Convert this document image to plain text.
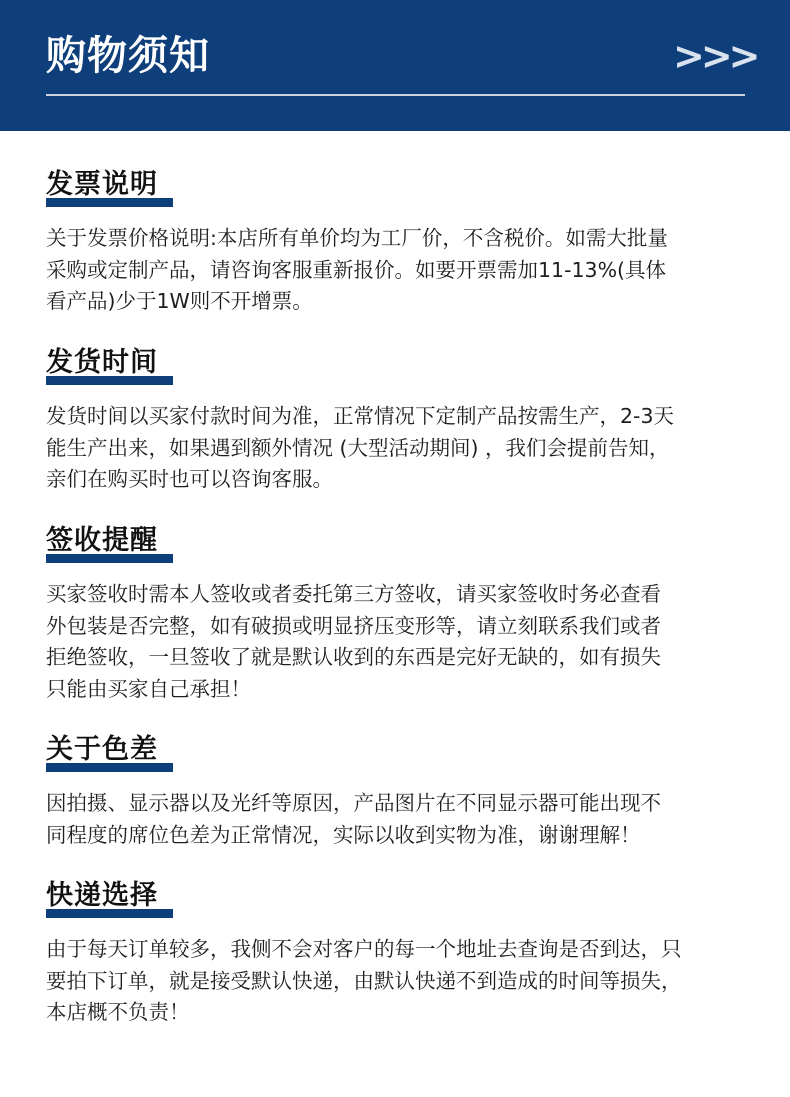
购物须知	>>>
发票说明
关于发票价格说明:本店所有单价均为工厂价，不含税价。如需大批量
采购或定制产品，请咨询客服重新报价。如要开票需加11-13%(具体
看产品)少于1W则不开增票。
发货时间
发货时间以买家付款时间为准，正常情况下定制产品按需生产，2-3天
能生产出来，如果遇到额外情况 (大型活动期间) ，我们会提前告知，
亲们在购买时也可以咨询客服。
签收提醒
买家签收时需本人签收或者委托第三方签收，请买家签收时务必查看
外包装是否完整，如有破损或明显挤压变形等，请立刻联系我们或者
拒绝签收，一旦签收了就是默认收到的东西是完好无缺的，如有损失
只能由买家自己承担！
关于色差
因拍摄、显示器以及光纤等原因，产品图片在不同显示器可能出现不
同程度的席位色差为正常情况，实际以收到实物为准，谢谢理解！
快递选择
由于每天订单较多，我侧不会对客户的每一个地址去查询是否到达，只
要拍下订单，就是接受默认快递，由默认快递不到造成的时间等损失，
本店概不负责！
